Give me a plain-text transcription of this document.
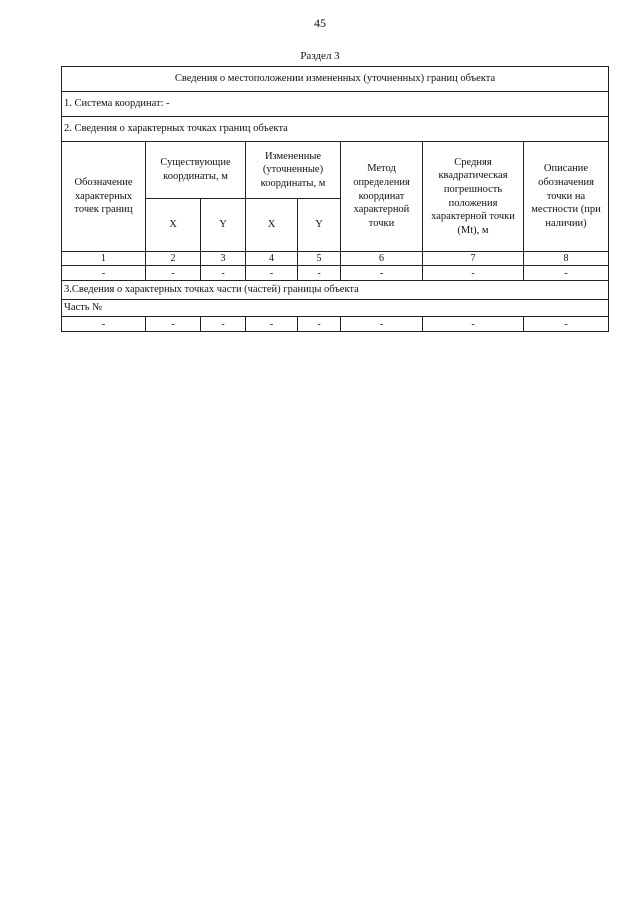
45
Раздел 3
Сведения о местоположении измененных (уточненных) границ объекта							
1. Система координат: -							
2. Сведения о характерных точках границ объекта							
Обозначение характерных точек границ	Существующие координаты, м		Измененные (уточненные) координаты, м		Метод определения координат характерной точки	Средняя квадратическая погрешность положения характерной точки (Mt), м	Описание обозначения точки на местности (при наличии)
	X	Y	X	Y			
1	2	3	4	5	6	7	8
-	-	-	-	-	-	-	-
3.Сведения о характерных точках части (частей) границы объекта							
Часть №							
-	-	-	-	-	-	-	-
